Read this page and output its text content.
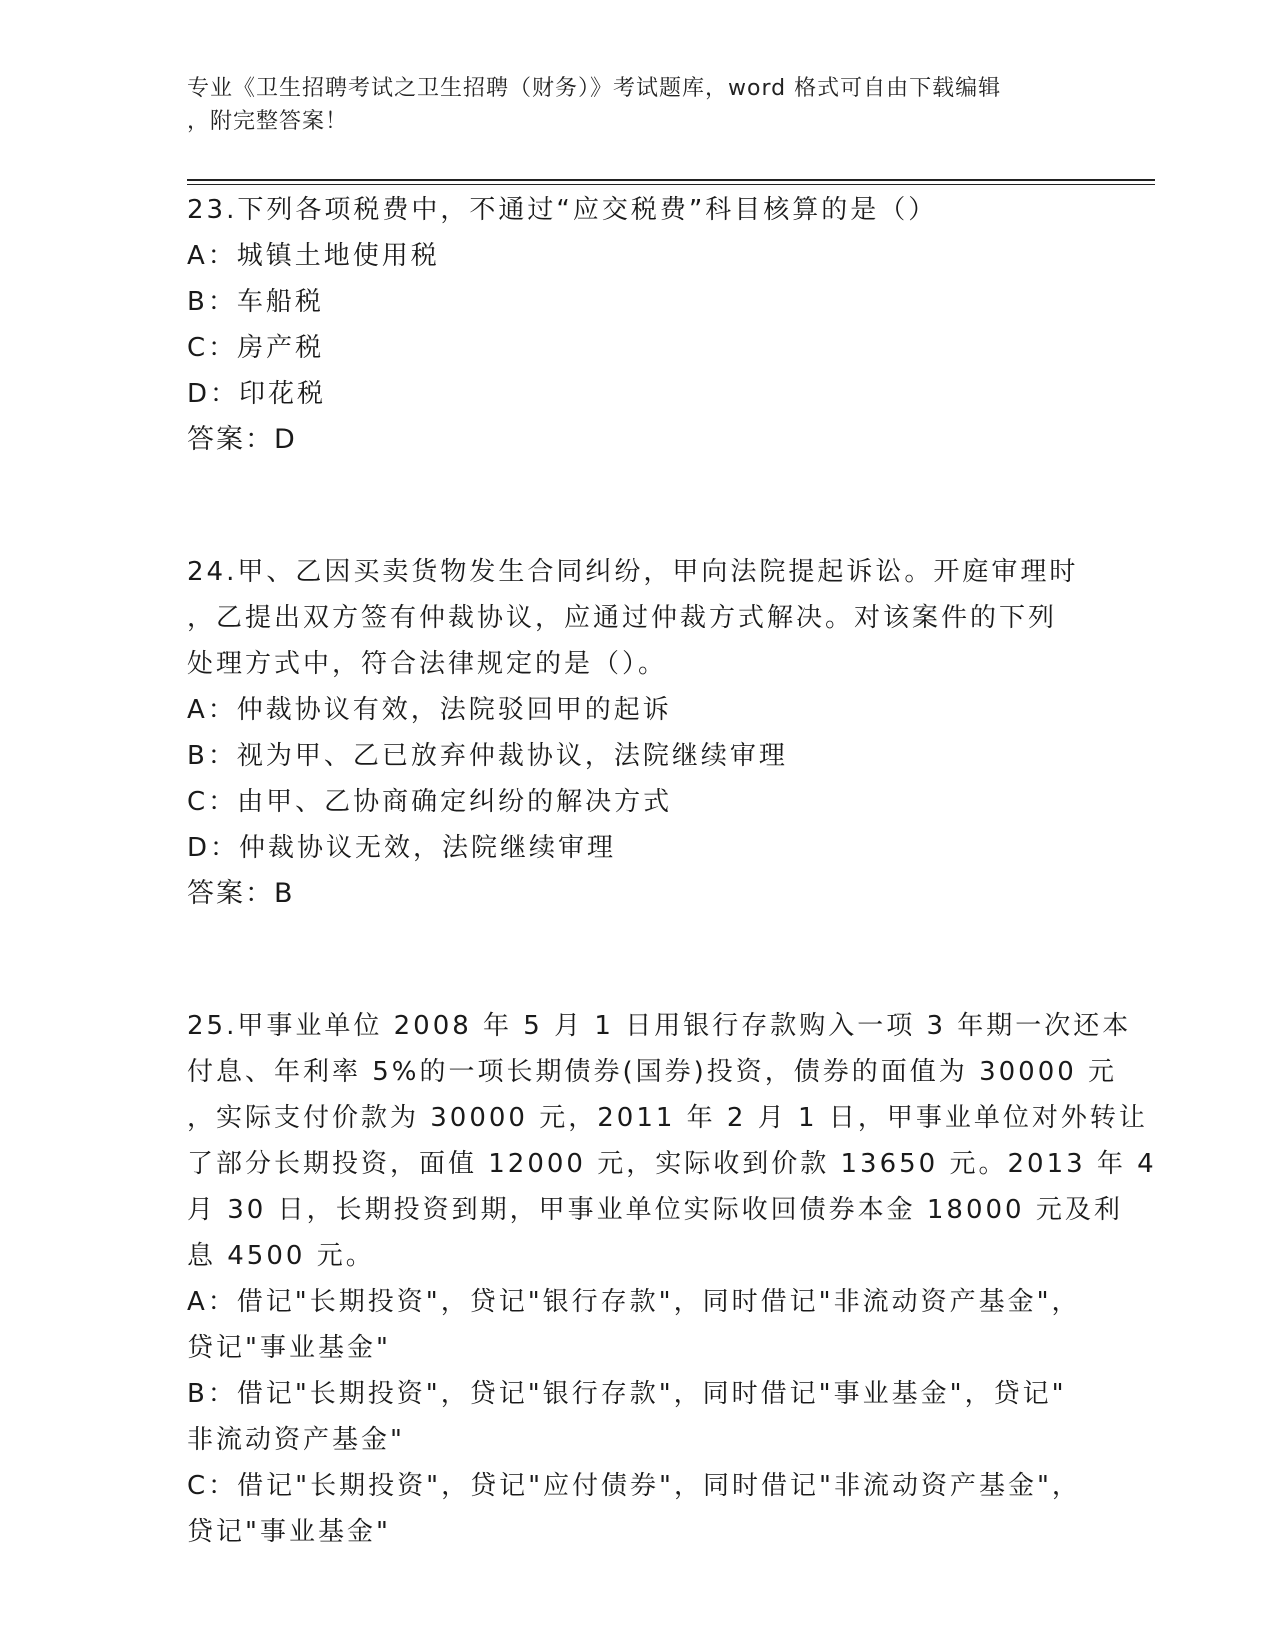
专业《卫生招聘考试之卫生招聘（财务）》考试题库，word 格式可自由下载编辑
，附完整答案！
23.下列各项税费中，不通过“应交税费”科目核算的是（）
A：城镇土地使用税
B：车船税
C：房产税
D：印花税
答案：D
24.甲、乙因买卖货物发生合同纠纷，甲向法院提起诉讼。开庭审理时
，乙提出双方签有仲裁协议，应通过仲裁方式解决。对该案件的下列
处理方式中，符合法律规定的是（）。
A：仲裁协议有效，法院驳回甲的起诉
B：视为甲、乙已放弃仲裁协议，法院继续审理
C：由甲、乙协商确定纠纷的解决方式
D：仲裁协议无效，法院继续审理
答案：B
25.甲事业单位 2008 年 5 月 1 日用银行存款购入一项 3 年期一次还本
付息、年利率 5%的一项长期债券(国券)投资，债券的面值为 30000 元
，实际支付价款为 30000 元，2011 年 2 月 1 日，甲事业单位对外转让
了部分长期投资，面值 12000 元，实际收到价款 13650 元。2013 年 4
月 30 日，长期投资到期，甲事业单位实际收回债券本金 18000 元及利
息 4500 元。
A：借记"长期投资"，贷记"银行存款"，同时借记"非流动资产基金"，
贷记"事业基金"
B：借记"长期投资"，贷记"银行存款"，同时借记"事业基金"，贷记"
非流动资产基金"
C：借记"长期投资"，贷记"应付债券"，同时借记"非流动资产基金"，
贷记"事业基金"
